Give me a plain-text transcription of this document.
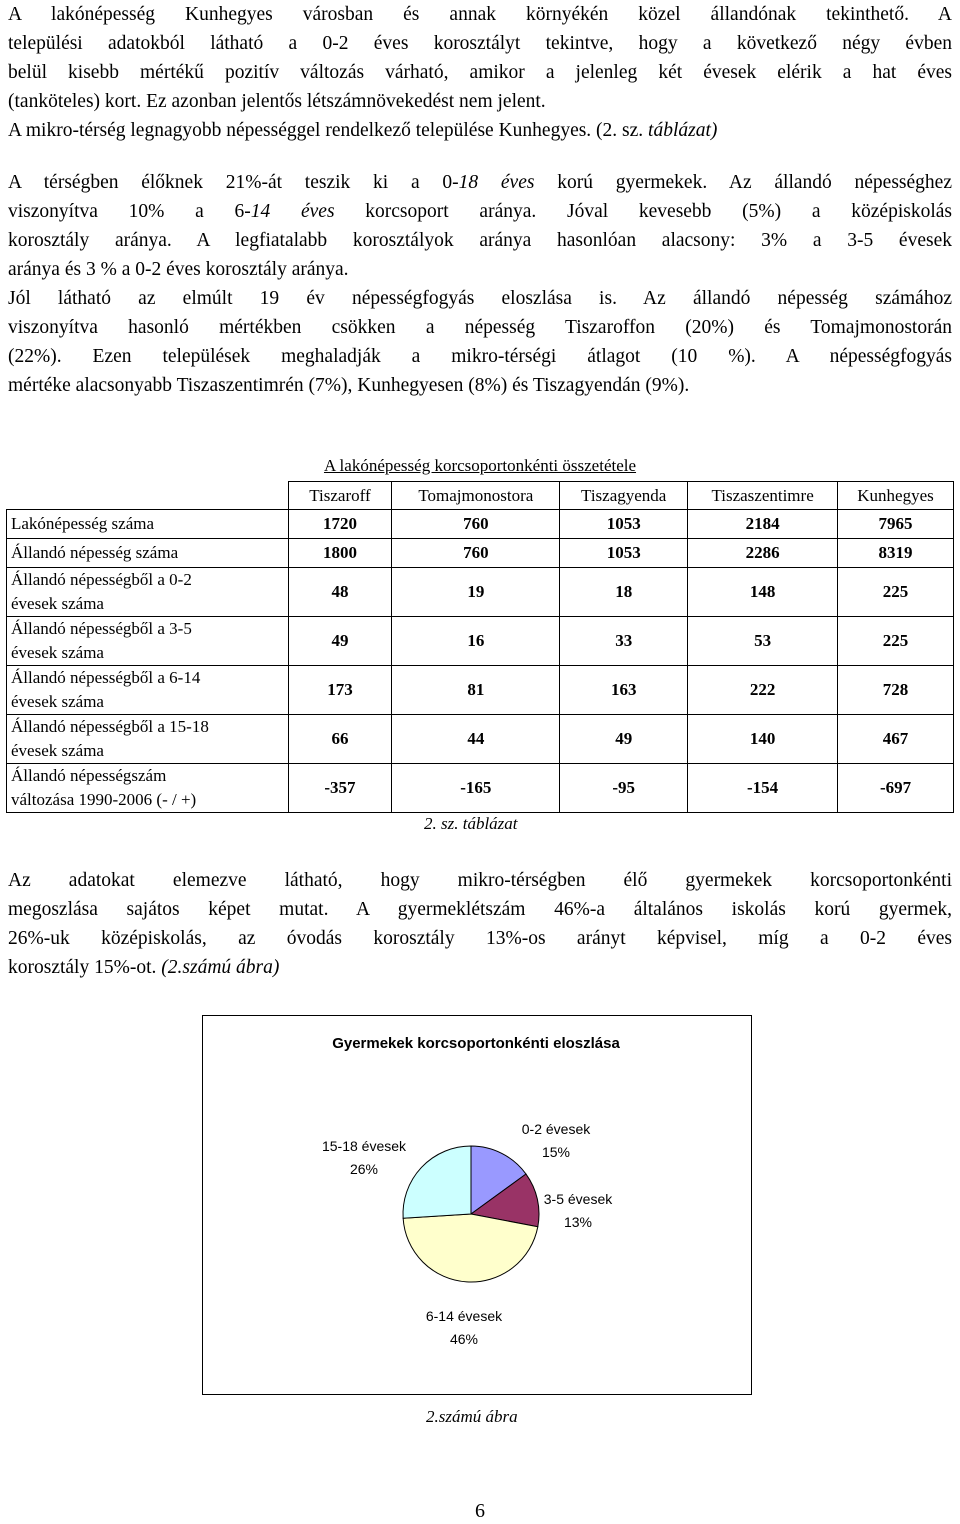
A lakónépesség Kunhegyes városban és annak környékén közel állandónak tekinthető. A
települési adatokból látható a 0-2 éves korosztályt tekintve, hogy a következő négy évben
belül kisebb mértékű pozitív változás várható, amikor a jelenleg két évesek elérik a hat éves
(tanköteles) kort. Ez azonban jelentős létszámnövekedést nem jelent.
A mikro-térség legnagyobb népességgel rendelkező települése Kunhegyes. (2. sz. táblázat)
A térségben élőknek 21%-át teszik ki a 0-18 éves korú gyermekek. Az állandó népességhez
viszonyítva 10% a 6-14 éves korcsoport aránya. Jóval kevesebb (5%) a középiskolás
korosztály aránya. A legfiatalabb korosztályok aránya hasonlóan alacsony: 3% a 3-5 évesek
aránya és 3 % a 0-2 éves korosztály aránya.
Jól látható az elmúlt 19 év népességfogyás eloszlása is. Az állandó népesség számához
viszonyítva hasonló mértékben csökken a népesség Tiszaroffon (20%) és Tomajmonostorán
(22%). Ezen települések meghaladják a mikro-térségi átlagot (10 %). A népességfogyás
mértéke alacsonyabb Tiszaszentimrén (7%), Kunhegyesen (8%) és Tiszagyendán (9%).
A lakónépesség korcsoportonkénti összetétele
	Tiszaroff	Tomajmonostora	Tiszagyenda	Tiszaszentimre	Kunhegyes
Lakónépesség száma	1720	760	1053	2184	7965
Állandó népesség száma	1800	760	1053	2286	8319

Állandó népességből a 0-2
évesek száma	48	19	18	148	225

Állandó népességből a 3-5
évesek száma	49	16	33	53	225

Állandó népességből a 6-14
évesek száma	173	81	163	222	728

Állandó népességből a 15-18
évesek száma	66	44	49	140	467

Állandó népességszám
változása 1990-2006 (- / +)	-357	-165	-95	-154	-697
2. sz. táblázat
Az adatokat elemezve látható, hogy mikro-térségben élő gyermekek korcsoportonkénti
megoszlása sajátos képet mutat. A gyermeklétszám 46%-a általános iskolás korú gyermek,
26%-uk középiskolás, az óvodás korosztály 13%-os arányt képvisel, míg a 0-2 éves
korosztály 15%-ot. (2.számú ábra)
Gyermekek korcsoportonkénti eloszlása
0-2 évesek
15%
3-5 évesek
13%
6-14 évesek
46%
15-18 évesek
26%
2.számú ábra
6
